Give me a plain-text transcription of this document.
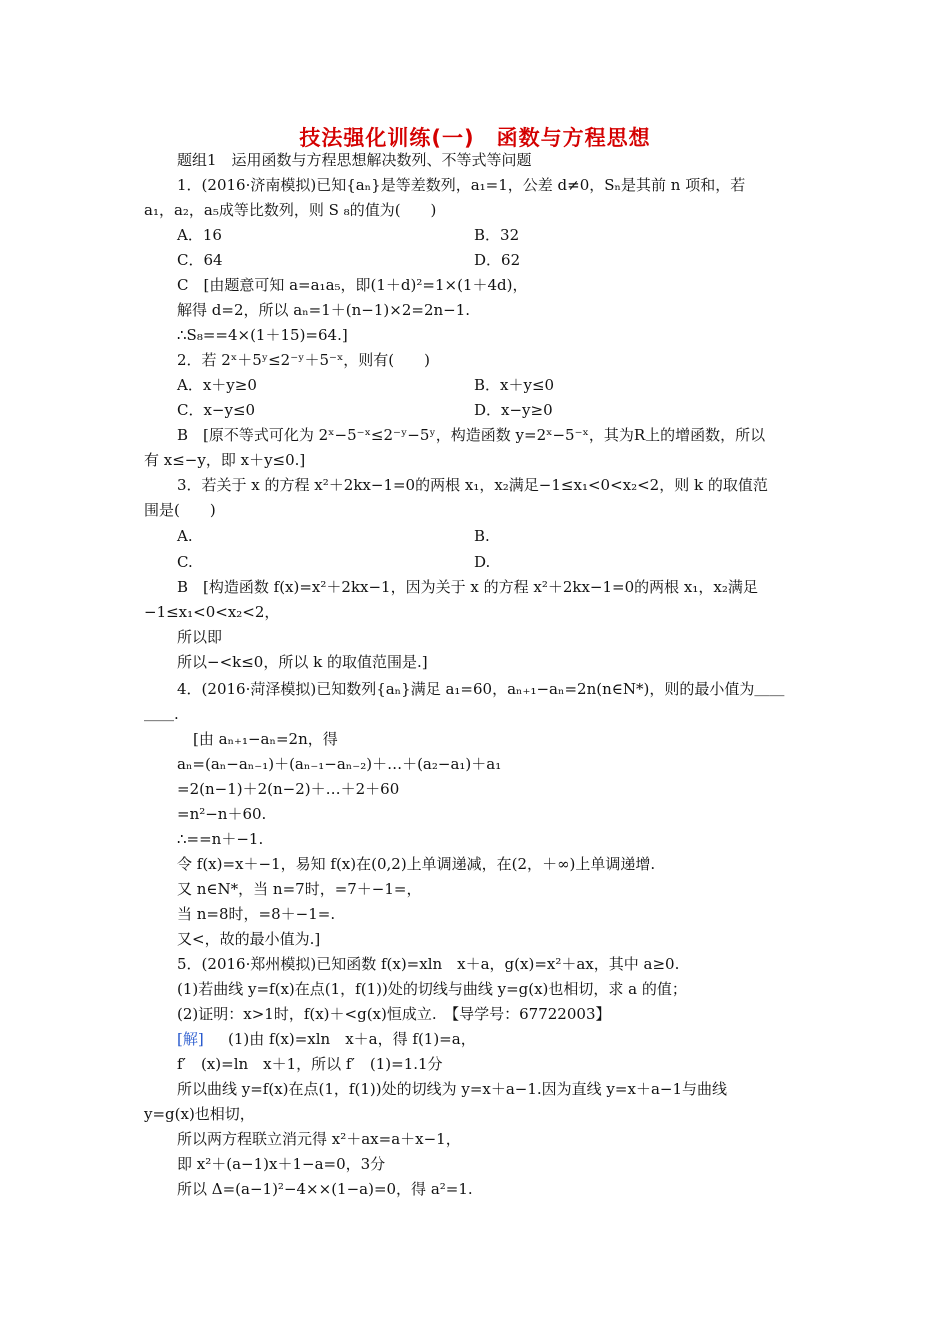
技法强化训练(一)　函数与方程思想
题组1　运用函数与方程思想解决数列、不等式等问题
1．(2016·济南模拟)已知{aₙ}是等差数列，a₁=1，公差 d≠0，Sₙ是其前 n 项和，若
a₁，a₂，a₅成等比数列，则 S ₈的值为(　　)
A．16	B．32
C．64	D．62
C　[由题意可知 a=a₁a₅，即(1＋d)²=1×(1＋4d)，
解得 d=2，所以 aₙ=1＋(n−1)×2=2n−1.
∴S₈==4×(1＋15)=64.]
2．若 2ˣ＋5ʸ≤2⁻ʸ＋5⁻ˣ，则有(　　)
A．x＋y≥0	B．x＋y≤0
C．x−y≤0	D．x−y≥0
B　[原不等式可化为 2ˣ−5⁻ˣ≤2⁻ʸ−5ʸ，构造函数 y=2ˣ−5⁻ˣ，其为R上的增函数，所以
有 x≤−y，即 x＋y≤0.]
3．若关于 x 的方程 x²＋2kx−1=0的两根 x₁，x₂满足−1≤x₁<0<x₂<2，则 k 的取值范
围是(　　)
A.	B.
C.	D.
B　[构造函数 f(x)=x²＋2kx−1，因为关于 x 的方程 x²＋2kx−1=0的两根 x₁，x₂满足
−1≤x₁<0<x₂<2，
所以即
所以−<k≤0，所以 k 的取值范围是.]
4．(2016·菏泽模拟)已知数列{aₙ}满足 a₁=60，aₙ₊₁−aₙ=2n(n∈N*)，则的最小值为＿＿
＿＿.
[由 aₙ₊₁−aₙ=2n，得
aₙ=(aₙ−aₙ₋₁)＋(aₙ₋₁−aₙ₋₂)＋…＋(a₂−a₁)＋a₁
=2(n−1)＋2(n−2)＋…＋2＋60
=n²−n＋60.
∴==n＋−1.
令 f(x)=x＋−1，易知 f(x)在(0,2)上单调递减，在(2，＋∞)上单调递增.
又 n∈N*，当 n=7时，=7＋−1=，
当 n=8时，=8＋−1=.
又<，故的最小值为.]
5．(2016·郑州模拟)已知函数 f(x)=xln　x＋a，g(x)=x²＋ax，其中 a≥0.
(1)若曲线 y=f(x)在点(1，f(1))处的切线与曲线 y=g(x)也相切，求 a 的值；
(2)证明：x>1时，f(x)＋<g(x)恒成立.　【导学号：67722003】
[解] (1)由 f(x)=xln　x＋a，得 f(1)=a，
f′　(x)=ln　x＋1，所以 f′　(1)=1.1分
所以曲线 y=f(x)在点(1，f(1))处的切线为 y=x＋a−1.因为直线 y=x＋a−1与曲线
y=g(x)也相切，
所以两方程联立消元得 x²＋ax=a＋x−1，
即 x²＋(a−1)x＋1−a=0，3分
所以 Δ=(a−1)²−4××(1−a)=0，得 a²=1.
